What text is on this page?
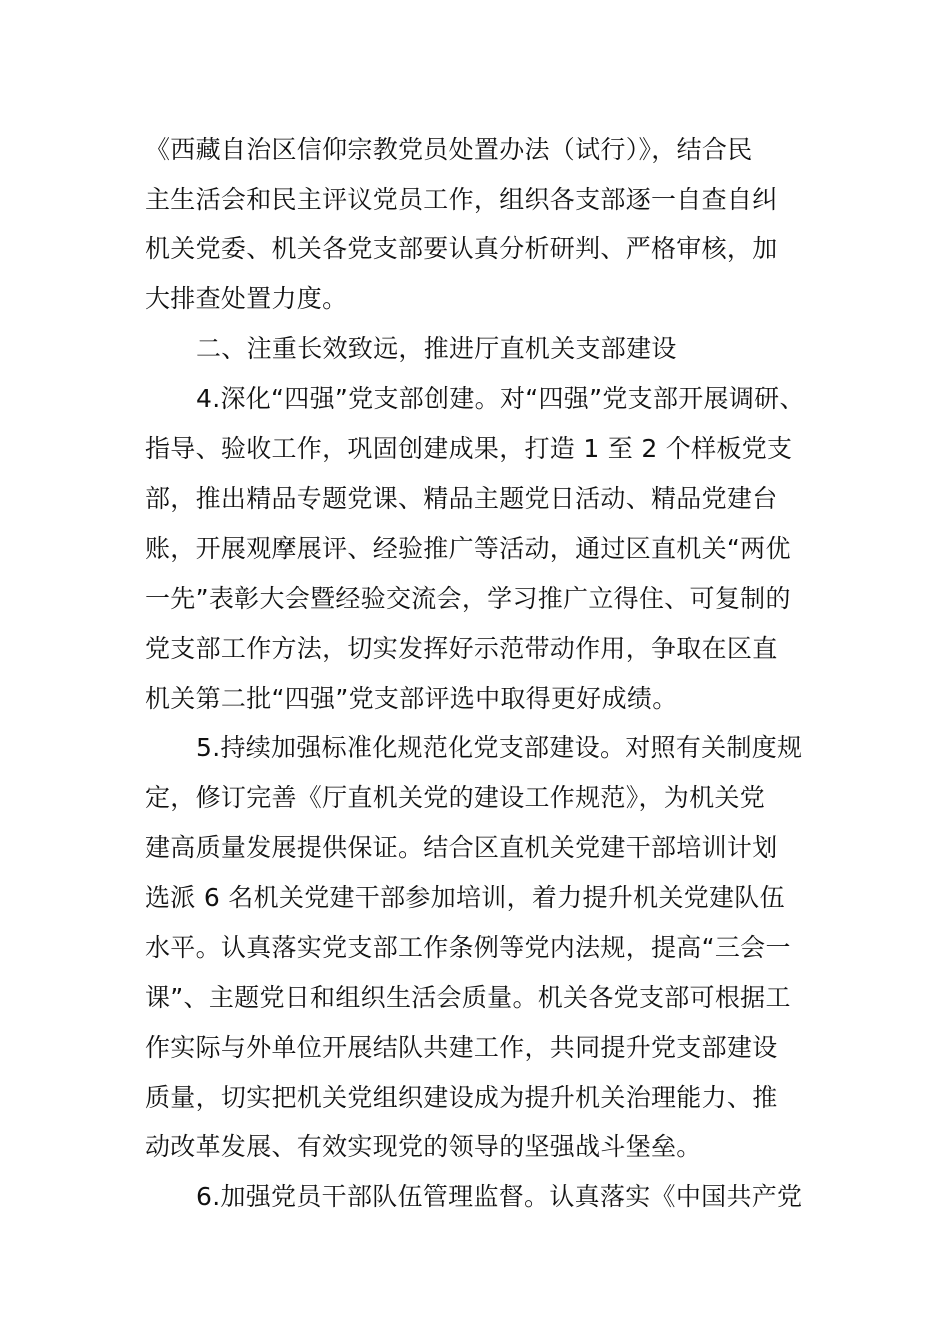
《西藏自治区信仰宗教党员处置办法（试行）》，结合民
主生活会和民主评议党员工作，组织各支部逐一自查自纠
机关党委、机关各党支部要认真分析研判、严格审核，加
大排查处置力度。
二、注重长效致远，推进厅直机关支部建设
4.深化“四强”党支部创建。对“四强”党支部开展调研、
指导、验收工作，巩固创建成果，打造 1 至 2 个样板党支
部，推出精品专题党课、精品主题党日活动、精品党建台
账，开展观摩展评、经验推广等活动，通过区直机关“两优
一先”表彰大会暨经验交流会，学习推广立得住、可复制的
党支部工作方法，切实发挥好示范带动作用，争取在区直
机关第二批“四强”党支部评选中取得更好成绩。
5.持续加强标准化规范化党支部建设。对照有关制度规
定，修订完善《厅直机关党的建设工作规范》，为机关党
建高质量发展提供保证。结合区直机关党建干部培训计划
选派 6 名机关党建干部参加培训，着力提升机关党建队伍
水平。认真落实党支部工作条例等党内法规，提高“三会一
课”、主题党日和组织生活会质量。机关各党支部可根据工
作实际与外单位开展结队共建工作，共同提升党支部建设
质量，切实把机关党组织建设成为提升机关治理能力、推
动改革发展、有效实现党的领导的坚强战斗堡垒。
6.加强党员干部队伍管理监督。认真落实《中国共产党
